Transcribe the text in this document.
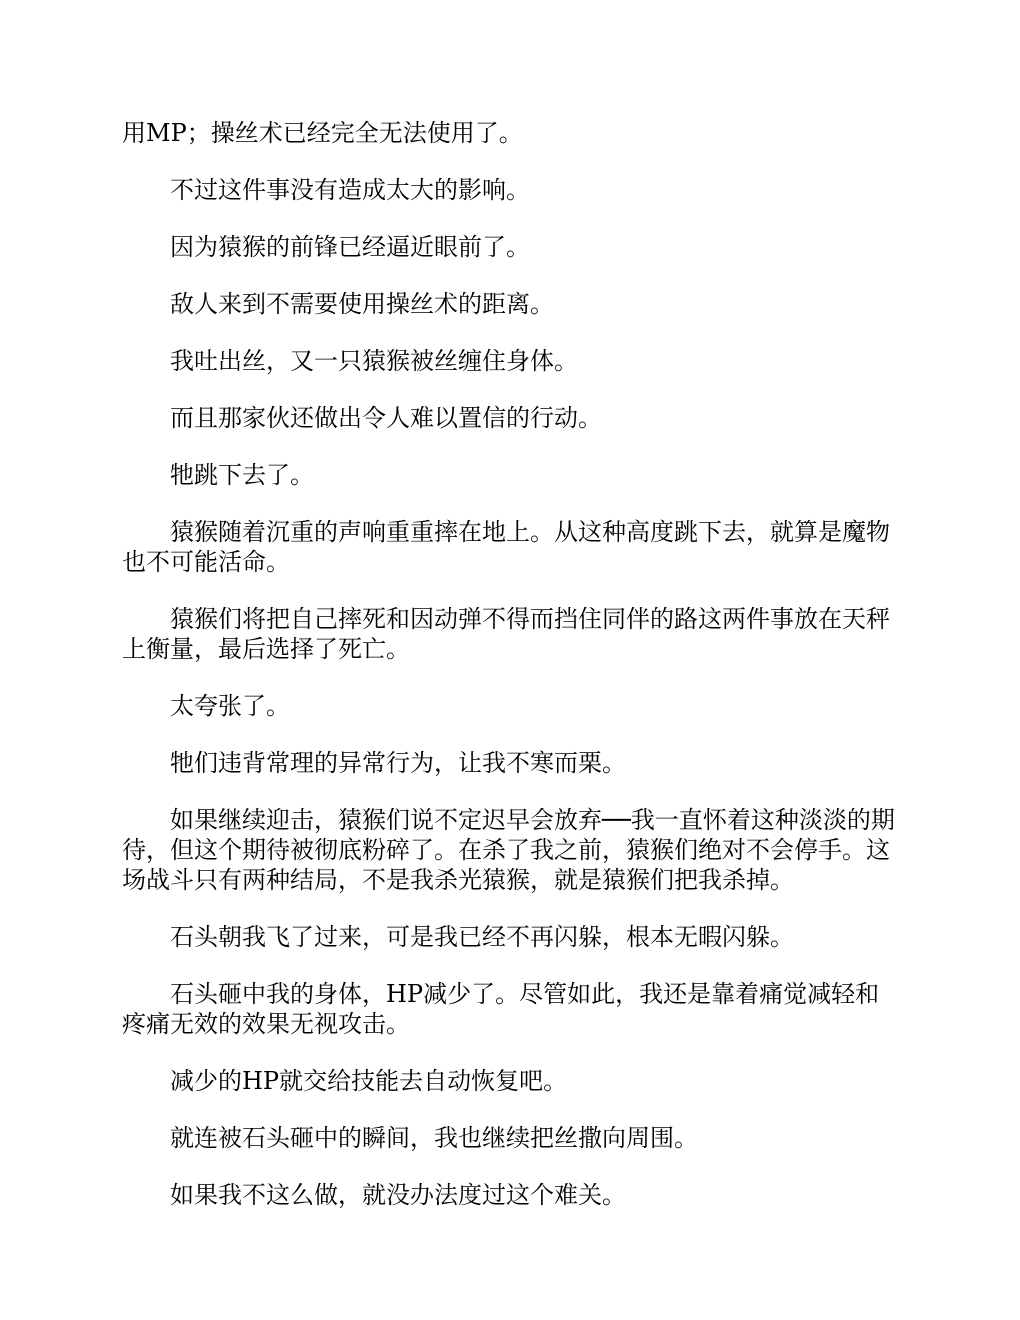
用MP；操丝术已经完全无法使用了。

不过这件事没有造成太大的影响。

因为猿猴的前锋已经逼近眼前了。

敌人来到不需要使用操丝术的距离。

我吐出丝，又一只猿猴被丝缠住身体。

而且那家伙还做出令人难以置信的行动。

牠跳下去了。

猿猴随着沉重的声响重重摔在地上。从这种高度跳下去，就算是魔物也不可能活命。

猿猴们将把自己摔死和因动弹不得而挡住同伴的路这两件事放在天秤上衡量，最后选择了死亡。

太夸张了。

牠们违背常理的异常行为，让我不寒而栗。

如果继续迎击，猿猴们说不定迟早会放弃──我一直怀着这种淡淡的期待，但这个期待被彻底粉碎了。在杀了我之前，猿猴们绝对不会停手。这场战斗只有两种结局，不是我杀光猿猴，就是猿猴们把我杀掉。

石头朝我飞了过来，可是我已经不再闪躲，根本无暇闪躲。

石头砸中我的身体，HP减少了。尽管如此，我还是靠着痛觉减轻和疼痛无效的效果无视攻击。

减少的HP就交给技能去自动恢复吧。

就连被石头砸中的瞬间，我也继续把丝撒向周围。

如果我不这么做，就没办法度过这个难关。
